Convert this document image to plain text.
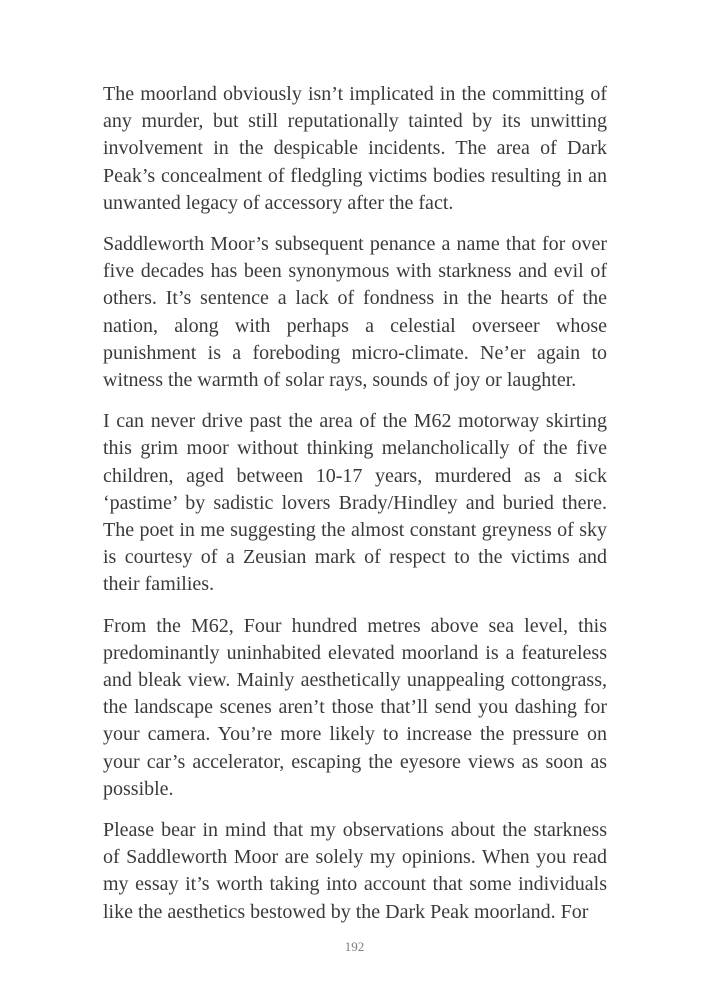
The moorland obviously isn’t implicated in the committing of any murder, but still reputationally tainted by its unwitting involvement in the despicable incidents. The area of Dark Peak’s concealment of fledgling victims bodies resulting in an unwanted legacy of accessory after the fact.

Saddleworth Moor’s subsequent penance a name that for over five decades has been synonymous with starkness and evil of others. It’s sentence a lack of fondness in the hearts of the nation, along with perhaps a celestial overseer whose punishment is a foreboding micro-climate. Ne’er again to witness the warmth of solar rays, sounds of joy or laughter.

I can never drive past the area of the M62 motorway skirting this grim moor without thinking melancholically of the five children, aged between 10-17 years, murdered as a sick ‘pastime’ by sadistic lovers Brady/Hindley and buried there. The poet in me suggesting the almost constant greyness of sky is courtesy of a Zeusian mark of respect to the victims and their families.

From the M62, Four hundred metres above sea level, this predominantly uninhabited elevated moorland is a featureless and bleak view. Mainly aesthetically unappealing cottongrass, the landscape scenes aren’t those that’ll send you dashing for your camera. You’re more likely to increase the pressure on your car’s accelerator, escaping the eyesore views as soon as possible.

Please bear in mind that my observations about the starkness of Saddleworth Moor are solely my opinions. When you read my essay it’s worth taking into account that some individuals like the aesthetics bestowed by the Dark Peak moorland. For

192
